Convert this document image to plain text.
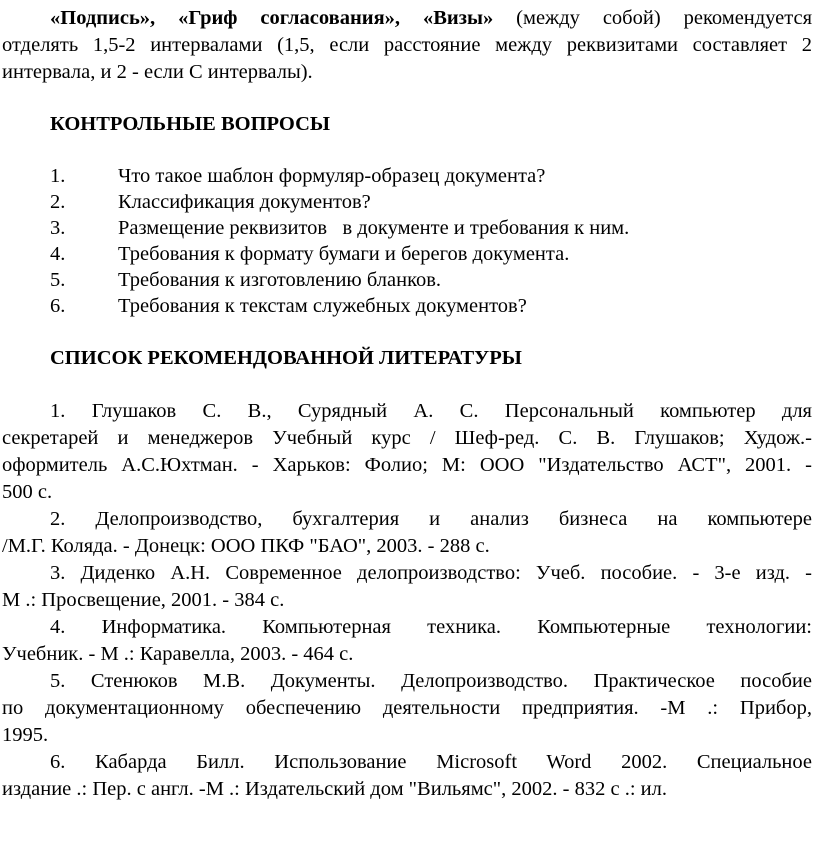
«Подпись», «Гриф согласования», «Визы» (между собой) рекомендуется
отделять 1,5-2 интервалами (1,5, если расстояние между реквизитами составляет 2
интервала, и 2 - если С интервалы).
КОНТРОЛЬНЫЕ ВОПРОСЫ
1.	Что такое шаблон формуляр-образец документа?
2.	Классификация документов?
3.	Размещение реквизитов   в документе и требования к ним.
4.	Требования к формату бумаги и берегов документа.
5.	Требования к изготовлению бланков.
6.	Требования к текстам служебных документов?
СПИСОК РЕКОМЕНДОВАННОЙ ЛИТЕРАТУРЫ
1. Глушаков С. В., Сурядный А. С. Персональный компьютер для
секретарей и менеджеров Учебный курс / Шеф-ред. С. В. Глушаков; Худож.-
оформитель А.С.Юхтман. - Харьков: Фолио; М: ООО "Издательство АСТ", 2001. -
500 с.
2. Делопроизводство, бухгалтерия и анализ бизнеса на компьютере
/М.Г. Коляда. - Донецк: ООО ПКФ "БАО", 2003. - 288 с.
3. Диденко А.Н. Современное делопроизводство: Учеб. пособие. - 3-е изд. -
М .: Просвещение, 2001. - 384 с.
4. Информатика. Компьютерная техника. Компьютерные технологии:
Учебник. - М .: Каравелла, 2003. - 464 с.
5. Стенюков М.В. Документы. Делопроизводство. Практическое пособие
по документационному обеспечению деятельности предприятия. -М .: Прибор,
1995.
6. Кабарда Билл. Использование Microsoft Word 2002. Специальное
издание .: Пер. с англ. -М .: Издательский дом "Вильямс", 2002. - 832 с .: ил.
